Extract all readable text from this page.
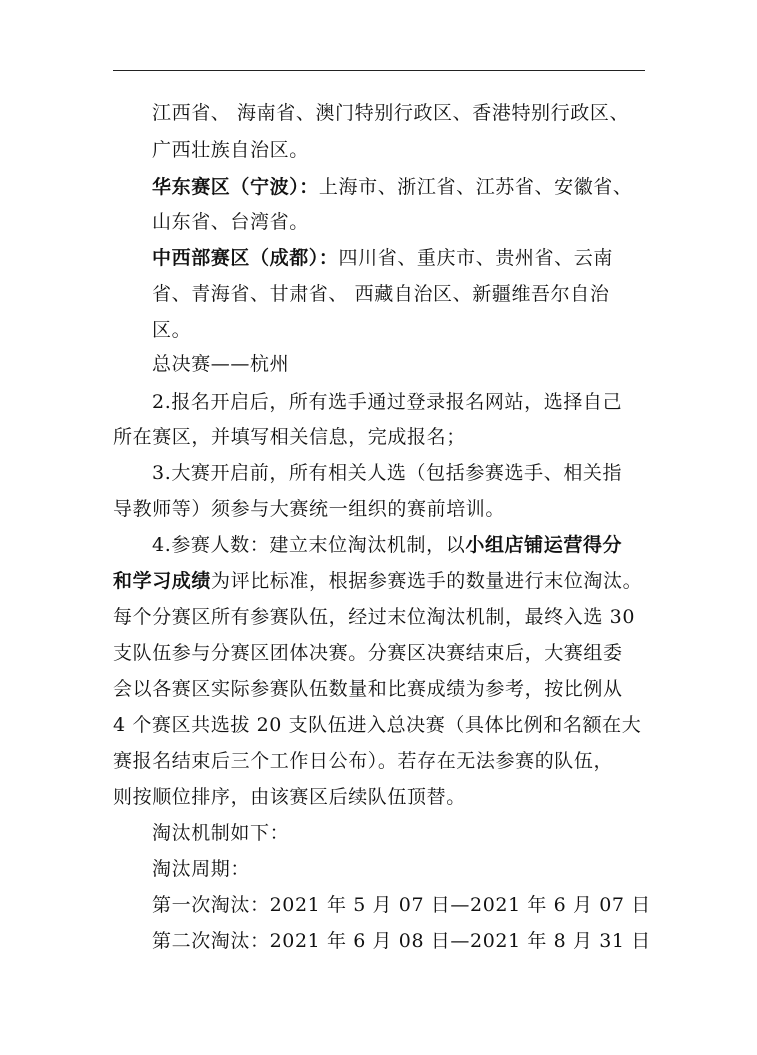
江西省、 海南省、澳门特别行政区、香港特别行政区、
广西壮族自治区。
华东赛区（宁波）：上海市、浙江省、江苏省、安徽省、
山东省、台湾省。
中西部赛区（成都）：四川省、重庆市、贵州省、云南
省、青海省、甘肃省、 西藏自治区、新疆维吾尔自治
区。
总决赛——杭州
2.报名开启后，所有选手通过登录报名网站，选择自己
所在赛区，并填写相关信息，完成报名；
3.大赛开启前，所有相关人选（包括参赛选手、相关指
导教师等）须参与大赛统一组织的赛前培训。
4.参赛人数：建立末位淘汰机制，以小组店铺运营得分
和学习成绩为评比标准，根据参赛选手的数量进行末位淘汰。
每个分赛区所有参赛队伍，经过末位淘汰机制，最终入选 30
支队伍参与分赛区团体决赛。分赛区决赛结束后，大赛组委
会以各赛区实际参赛队伍数量和比赛成绩为参考，按比例从
4 个赛区共选拔 20 支队伍进入总决赛（具体比例和名额在大
赛报名结束后三个工作日公布）。若存在无法参赛的队伍，
则按顺位排序，由该赛区后续队伍顶替。
淘汰机制如下：
淘汰周期：
第一次淘汰：2021 年 5 月 07 日—2021 年 6 月 07 日
第二次淘汰：2021 年 6 月 08 日—2021 年 8 月 31 日
